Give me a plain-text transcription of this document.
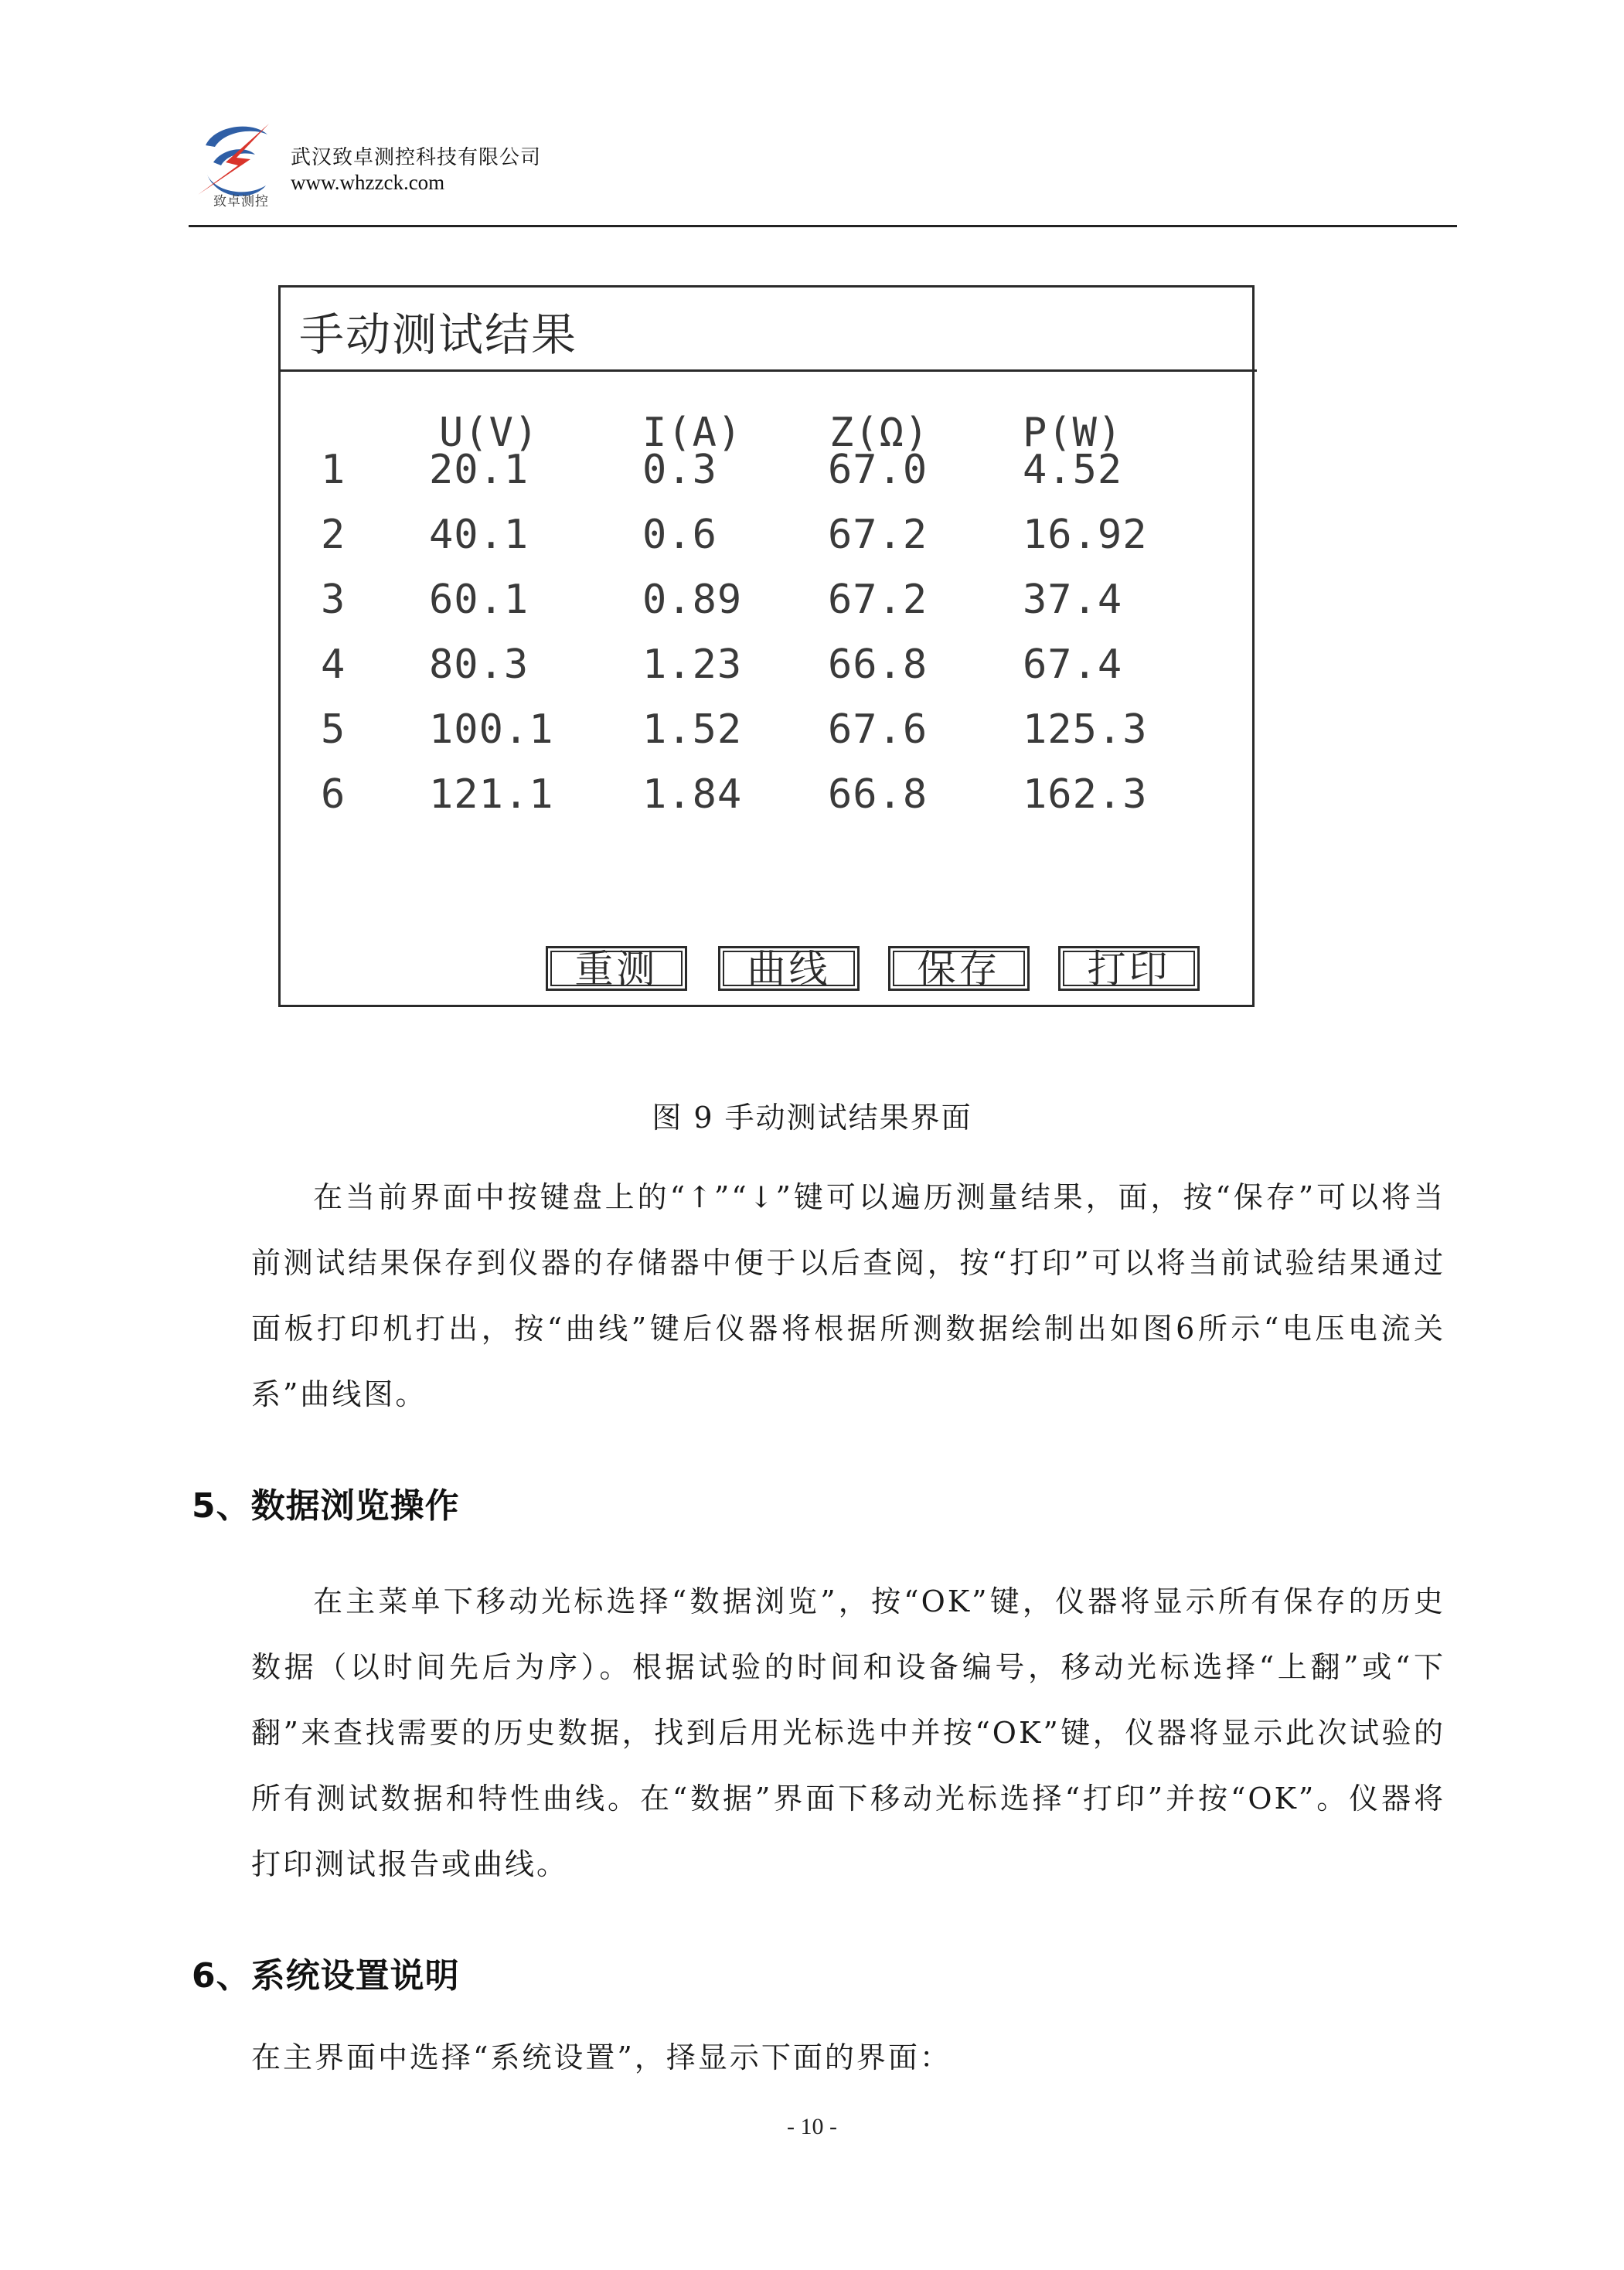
致卓测控
武汉致卓测控科技有限公司
www.whzzck.com
手动测试结果
U(V)	I(A) Z(Ω) P(W)
1 20.1	0.3	67.0 4.52
2 40.1	0.6	67.2 16.92
3 60.1	0.89 67.2 37.4
4 80.3	1.23 66.8 67.4
5 100.1 1.52 67.6 125.3
6 121.1 1.84 66.8 162.3
重测	曲线	保存	打印
图 9 手动测试结果界面
在当前界面中按键盘上的“↑”“↓”键可以遍历测量结果，面，按“保存”可以将当前测试结果保存到仪器的存储器中便于以后查阅，按“打印”可以将当前试验结果通过面板打印机打出，按“曲线”键后仪器将根据所测数据绘制出如图6所示“电压电流关系”曲线图。
5、数据浏览操作
在主菜单下移动光标选择“数据浏览”，按“OK”键，仪器将显示所有保存的历史数据（以时间先后为序）。根据试验的时间和设备编号，移动光标选择“上翻”或“下翻”来查找需要的历史数据，找到后用光标选中并按“OK”键，仪器将显示此次试验的所有测试数据和特性曲线。在“数据”界面下移动光标选择“打印”并按“OK”。仪器将打印测试报告或曲线。
6、系统设置说明
在主界面中选择“系统设置”，择显示下面的界面：
- 10 -
